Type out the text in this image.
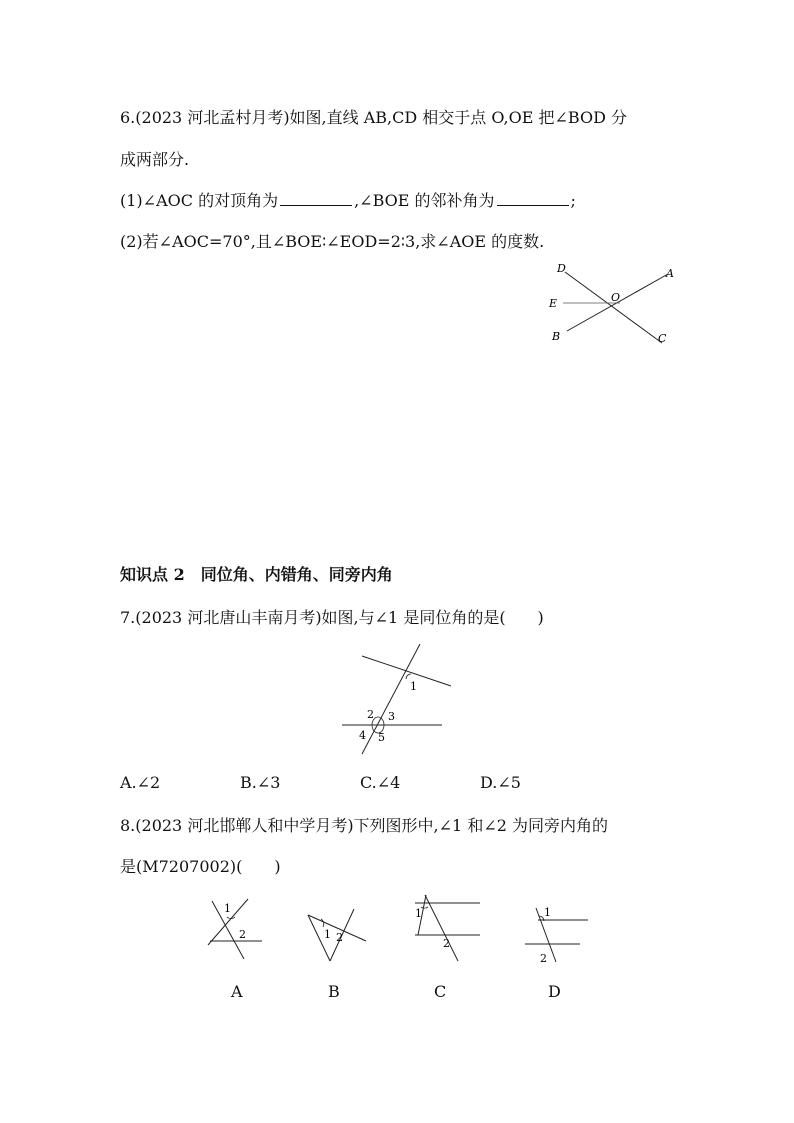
6.(2023 河北孟村月考)如图,直线 AB,CD 相交于点 O,OE 把∠BOD 分
成两部分.
(1)∠AOC 的对顶角为	,∠BOE 的邻补角为	;
(2)若∠AOC=70°,且∠BOE∶∠EOD=2∶3,求∠AOE 的度数.
D	A
E	O
B	C
知识点 2　同位角、内错角、同旁内角
7.(2023 河北唐山丰南月考)如图,与∠1 是同位角的是(　　)
1
2 3
4 5
A.∠2	B.∠3	C.∠4	D.∠5
8.(2023 河北邯郸人和中学月考)下列图形中,∠1 和∠2 为同旁内角的
是(M7207002)(　　)
1
2
A
1 2
B
1
2
C
1
2
D
